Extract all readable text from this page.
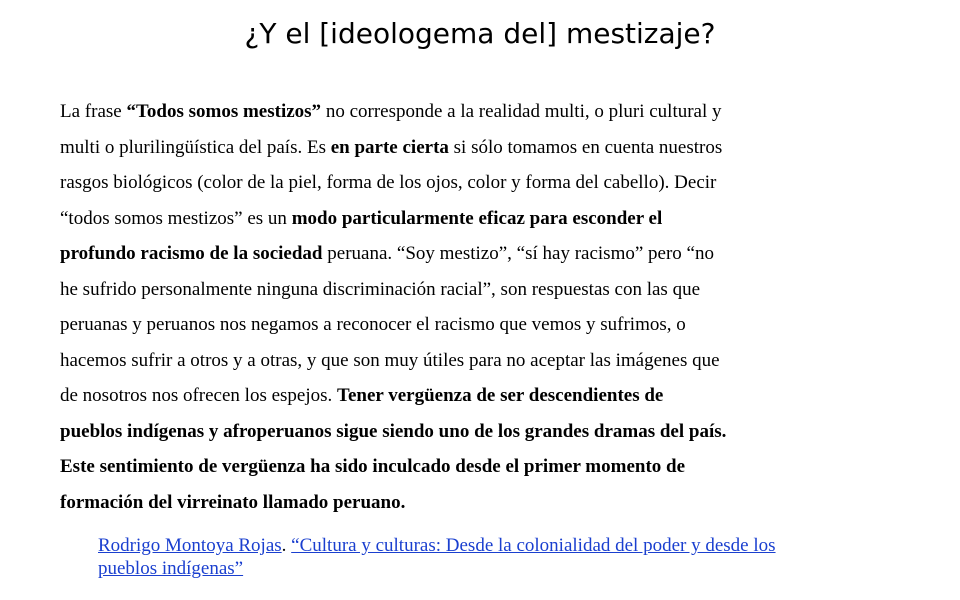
¿Y el [ideologema del] mestizaje?
La frase “Todos somos mestizos” no corresponde a la realidad multi, o pluri cultural y
multi o plurilingüística del país. Es en parte cierta si sólo tomamos en cuenta nuestros
rasgos biológicos (color de la piel, forma de los ojos, color y forma del cabello). Decir
“todos somos mestizos” es un modo particularmente eficaz para esconder el
profundo racismo de la sociedad peruana. “Soy mestizo”, “sí hay racismo” pero “no
he sufrido personalmente ninguna discriminación racial”, son respuestas con las que
peruanas y peruanos nos negamos a reconocer el racismo que vemos y sufrimos, o
hacemos sufrir a otros y a otras, y que son muy útiles para no aceptar las imágenes que
de nosotros nos ofrecen los espejos. Tener vergüenza de ser descendientes de
pueblos indígenas y afroperuanos sigue siendo uno de los grandes dramas del país.
Este sentimiento de vergüenza ha sido inculcado desde el primer momento de
formación del virreinato llamado peruano.
Rodrigo Montoya Rojas. “Cultura y culturas: Desde la colonialidad del poder y desde los
pueblos indígenas”
